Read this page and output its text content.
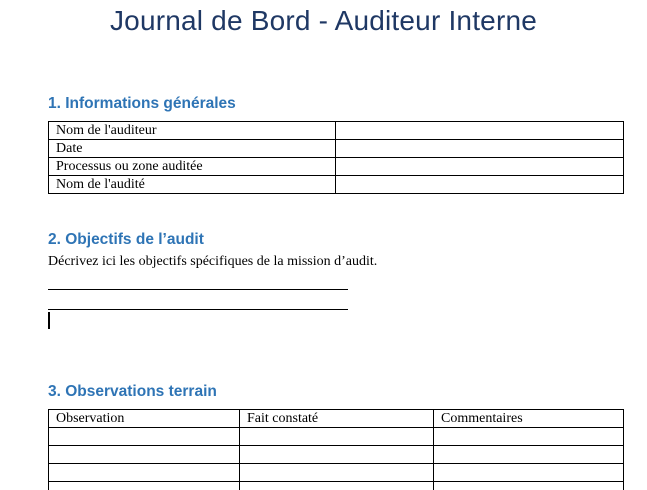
Journal de Bord - Auditeur Interne
1. Informations générales
Nom de l'auditeur	
Date	
Processus ou zone auditée	
Nom de l'audité	
2. Objectifs de l’audit

Décrivez ici les objectifs spécifiques de la mission d’audit.

3. Observations terrain
Observation	Fait constaté	Commentaires
